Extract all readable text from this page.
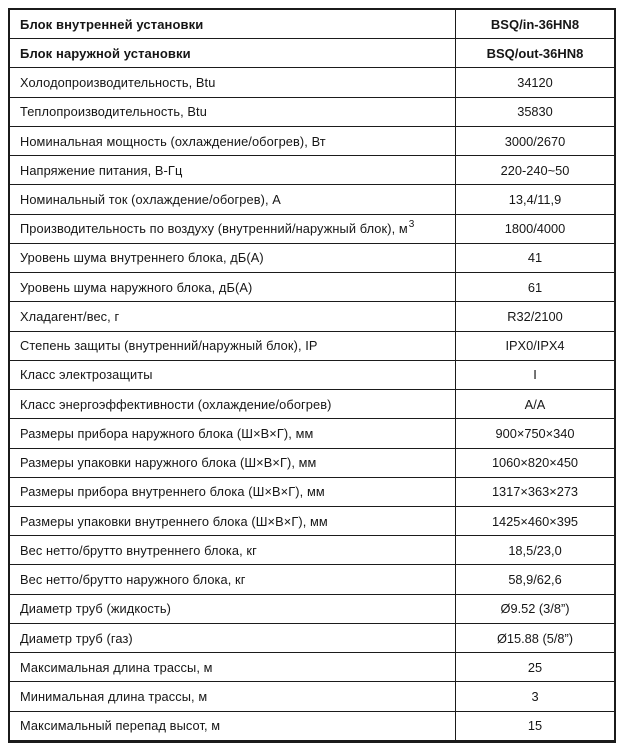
Блок внутренней установки	BSQ/in-36HN8
Блок наружной установки	BSQ/out-36HN8
Холодопроизводительность, Btu	34120
Теплопроизводительность, Btu	35830
Номинальная мощность (охлаждение/обогрев), Вт	3000/2670
Напряжение питания, В-Гц	220-240~50
Номинальный ток (охлаждение/обогрев), А	13,4/11,9
Производительность по воздуху (внутренний/наружный блок), $м^3$	1800/4000
Уровень шума внутреннего блока, дБ(А)	41
Уровень шума наружного блока, дБ(А)	61
Хладагент/вес, г	R32/2100
Степень защиты (внутренний/наружный блок), IP	IPX0/IPX4
Класс электрозащиты	I
Класс энергоэффективности (охлаждение/обогрев)	А/А
Размеры прибора наружного блока (Ш×В×Г), мм	900×750×340
Размеры упаковки наружного блока (Ш×В×Г), мм	1060×820×450
Размеры прибора внутреннего блока (Ш×В×Г), мм	1317×363×273
Размеры упаковки внутреннего блока (Ш×В×Г), мм	1425×460×395
Вес нетто/брутто внутреннего блока, кг	18,5/23,0
Вес нетто/брутто наружного блока, кг	58,9/62,6
Диаметр труб (жидкость)	Ø9.52 (3/8”)
Диаметр труб (газ)	Ø15.88 (5/8”)
Максимальная длина трассы, м	25
Минимальная длина трассы, м	3
Максимальный перепад высот, м	15
